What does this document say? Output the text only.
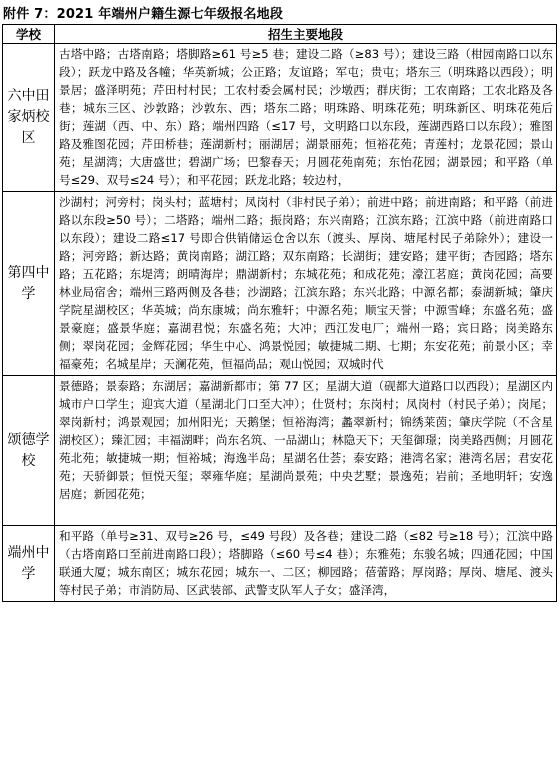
附件 7：2021 年端州户籍生源七年级报名地段
学校	招生主要地段
六中田家炳校区	古塔中路；古塔南路；塔脚路≥61 号≥5 巷；建设二路（≥83 号）；建设三路（柑园南路口以东段）；跃龙中路及各幢；华英新城；公正路；友谊路；军屯；贵屯；塔东三（明珠路以西段）；明景居；盛泽明苑；芹田村村民；工农村委会属村民；沙墩西；群庆街；工农南路；工农北路及各巷；城东三区、沙敦路；沙敦东、西；塔东二路；明珠路、明珠花苑；明珠新区、明珠花苑后街；莲湖（西、中、东）路；端州四路（≤17 号，文明路口以东段，莲湖西路口以东段）；雅图路及雅图花园；芹田桥巷；莲湖新村；丽湖居；湖景丽苑；恒裕花苑；青莲村；龙景花园；景山苑；星湖湾；大唐盛世；碧湖广场；巴黎春天；月圆花苑南苑；东怡花园；湖景园；和平路（单号≤29、双号≤24 号）；和平花园；跃龙北路；较边村，
第四中学	沙湖村；河旁村；岗头村；蓝塘村；凤岗村（非村民子弟）；前进中路；前进南路；和平路（前进路以东段≥50 号）；二塔路；端州二路；振岗路；东兴南路；江滨东路；江滨中路（前进南路口以东段）；建设二路≤17 号即合供销储运仓舍以东（渡头、厚岗、塘尾村民子弟除外）；建设一路；河旁路；新达路；黄岗南路；湖江路；双东南路；长湖街；建安路；建平街；杏园路；塔东路；五花路；东堤湾；朗晴海岸；鼎湖新村；东城花苑；和成花苑；濠江茗庭；黄岗花园；高要林业局宿舍；端州三路两侧及各巷；沙湖路；江滨东路；东兴北路；中源名都；泰湖新城；肇庆学院星湖校区；华英城；尚东康城；尚东雅轩；中源名苑；顺宝天誉；中源雪峰；东盛名苑；盛景豪庭；盛景华庭；嘉湖君悦；东盛名苑；大冲；西江发电厂；端州一路；宾日路；岗美路东侧；翠岗花园；金辉花园；华生中心、鸿景悦园；敏捷城二期、七期；东安花苑；前景小区；幸福豪苑；名城星岸；天澜花苑，恒福尚品；观山悦园；双城时代
颂德学校	景德路；景泰路；东湖居；嘉湖新都市；第 77 区；星湖大道（砚都大道路口以西段）；星湖区内城市户口学生；迎宾大道（星湖北门口至大冲）；仕贤村；东岗村；凤岗村（村民子弟）；岗尾；翠岗新村；鸿景观园；加州阳光；天鹅堡；恒裕海湾；蠡翠新村；锦绣莱茵；肇庆学院（不含星湖校区）；臻汇园；丰福湖畔；尚东名筑、一品湖山；林隐天下；天玺御璟；岗美路西侧；月圆花苑北苑；敏捷城一期；恒裕城；海逸半岛；星湖名仕荟；泰安路；港湾名家；港湾名居；君安花苑；天骄御景；恒悦天玺；翠雍华庭；星湖尚景苑；中央艺墅；景逸苑；岩前；圣地明轩；安逸居庭；新园花苑；

端州中学	和平路（单号≥31、双号≥26 号，≤49 号段）及各巷；建设二路（≤82 号≥18 号）；江滨中路（古塔南路口至前进南路口段）；塔脚路（≤60 号≤4 巷）；东雅苑；东骏名城；四通花园；中国联通大厦；城东南区；城东花园；城东一、二区；柳园路；蓓蕾路；厚岗路；厚岗、塘尾、渡头等村民子弟；市消防局、区武装部、武警支队军人子女；盛泽湾，
